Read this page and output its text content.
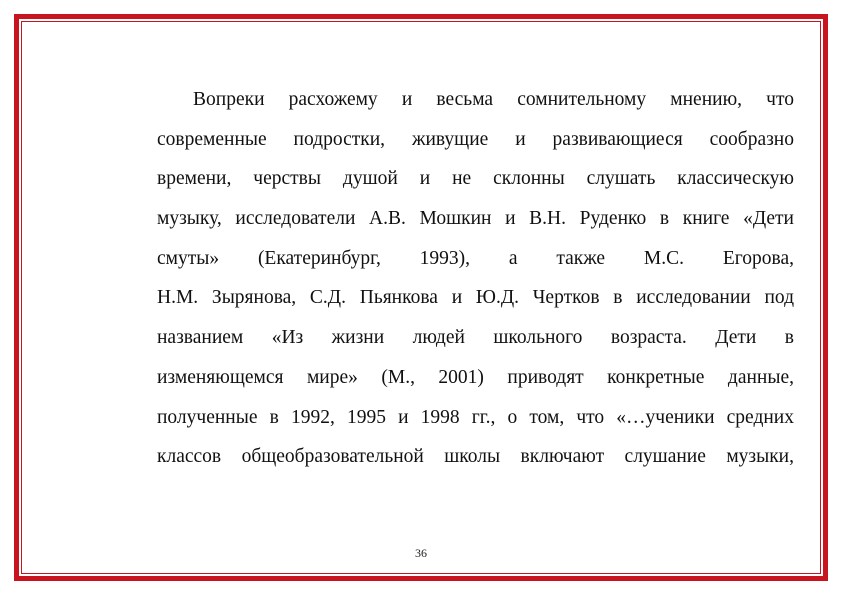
Вопреки расхожему и весьма сомнительному мнению, что
современные подростки, живущие и развивающиеся сообразно
времени, черствы душой и не склонны слушать классическую
музыку, исследователи А.В. Мошкин и В.Н. Руденко в книге «Дети
смуты» (Екатеринбург, 1993), а также М.С. Егорова,
Н.М. Зырянова, С.Д. Пьянкова и Ю.Д. Чертков в исследовании под
названием «Из жизни людей школьного возраста. Дети в
изменяющемся мире» (М., 2001) приводят конкретные данные,
полученные в 1992, 1995 и 1998 гг., о том, что «…ученики средних
классов общеобразовательной школы включают слушание музыки,
36
